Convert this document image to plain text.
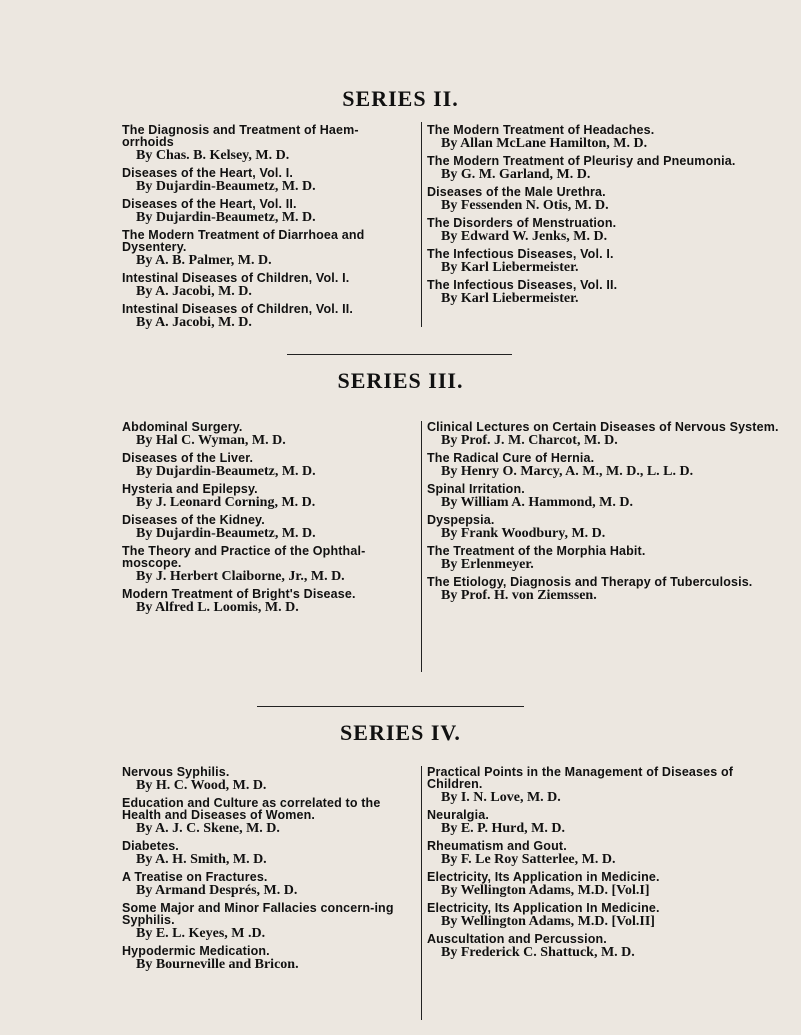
SERIES II.
The Diagnosis and Treatment of Haem-orrhoids
By Chas. B. Kelsey, M. D.
Diseases of the Heart, Vol. I.
By Dujardin-Beaumetz, M. D.
Diseases of the Heart, Vol. II.
By Dujardin-Beaumetz, M. D.
The Modern Treatment of Diarrhoea and Dysentery.
By A. B. Palmer, M. D.
Intestinal Diseases of Children, Vol. I.
By A. Jacobi, M. D.
Intestinal Diseases of Children, Vol. II.
By A. Jacobi, M. D.
The Modern Treatment of Headaches.
By Allan McLane Hamilton, M. D.
The Modern Treatment of Pleurisy and Pneumonia.
By G. M. Garland, M. D.
Diseases of the Male Urethra.
By Fessenden N. Otis, M. D.
The Disorders of Menstruation.
By Edward W. Jenks, M. D.
The Infectious Diseases, Vol. I.
By Karl Liebermeister.
The Infectious Diseases, Vol. II.
By Karl Liebermeister.
SERIES III.
Abdominal Surgery.
By Hal C. Wyman, M. D.
Diseases of the Liver.
By Dujardin-Beaumetz, M. D.
Hysteria and Epilepsy.
By J. Leonard Corning, M. D.
Diseases of the Kidney.
By Dujardin-Beaumetz, M. D.
The Theory and Practice of the Ophthal-moscope.
By J. Herbert Claiborne, Jr., M. D.
Modern Treatment of Bright's Disease.
By Alfred L. Loomis, M. D.
Clinical Lectures on Certain Diseases of Nervous System.
By Prof. J. M. Charcot, M. D.
The Radical Cure of Hernia.
By Henry O. Marcy, A. M., M. D., L. L. D.
Spinal Irritation.
By William A. Hammond, M. D.
Dyspepsia.
By Frank Woodbury, M. D.
The Treatment of the Morphia Habit.
By Erlenmeyer.
The Etiology, Diagnosis and Therapy of Tuberculosis.
By Prof. H. von Ziemssen.
SERIES IV.
Nervous Syphilis.
By H. C. Wood, M. D.
Education and Culture as correlated to the Health and Diseases of Women.
By A. J. C. Skene, M. D.
Diabetes.
By A. H. Smith, M. D.
A Treatise on Fractures.
By Armand Després, M. D.
Some Major and Minor Fallacies concern-ing Syphilis.
By E. L. Keyes, M .D.
Hypodermic Medication.
By Bourneville and Bricon.
Practical Points in the Management of Diseases of Children.
By I. N. Love, M. D.
Neuralgia.
By E. P. Hurd, M. D.
Rheumatism and Gout.
By F. Le Roy Satterlee, M. D.
Electricity, Its Application in Medicine.
By Wellington Adams, M.D. [Vol.I]
Electricity, Its Application In Medicine.
By Wellington Adams, M.D. [Vol.II]
Auscultation and Percussion.
By Frederick C. Shattuck, M. D.
